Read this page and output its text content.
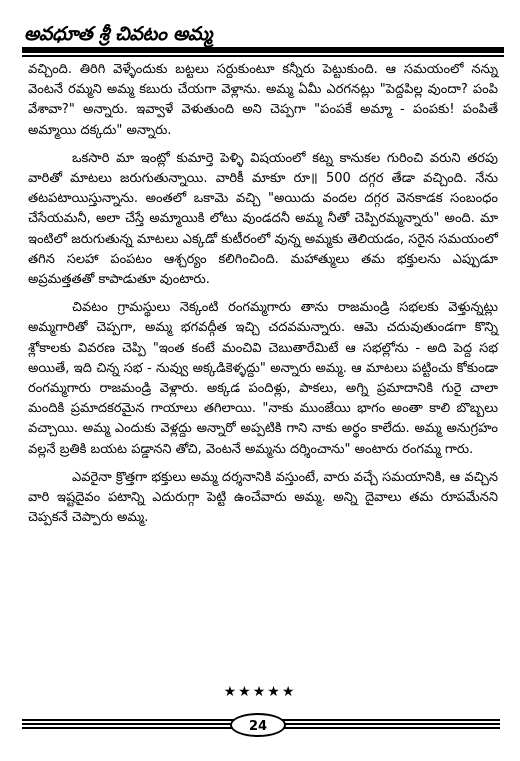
అవధూత శ్రీ చివటం అమ్మ

వచ్చింది. తిరిగి వెళ్ళేందుకు బట్టలు సర్దుకుంటూ కన్నీరు పెట్టుకుంది. ఆ సమయంలో నన్ను వెంటనే రమ్మని అమ్మ కబురు చేయగా వెళ్లాను. అమ్మ ఏమీ ఎరగనట్లు "పెద్దపిల్ల వుందా? పంపి వేశావా?" అన్నారు. ఇవ్వాళే వెళుతుంది అని చెప్పగా "పంపకే అమ్మా - పంపకు! పంపితే అమ్మాయి దక్కదు" అన్నారు.

ఒకసారి మా ఇంట్లో కుమార్తె పెళ్ళి విషయంలో కట్న కానుకల గురించి వరుని తరపు వారితో మాటలు జరుగుతున్నాయి. వారికీ మాకూ రూ॥ 500 దగ్గర తేడా వచ్చింది. నేను తటపటాయిస్తున్నాను. అంతలో ఒకామె వచ్చి "అయిదు వందల దగ్గర వెనకాడక సంబంధం చేసేయమనీ, అలా చేస్తే అమ్మాయికి లోటు వుండదనీ అమ్మ నీతో చెప్పిరమ్మన్నారు" అంది. మా ఇంటిలో జరుగుతున్న మాటలు ఎక్కడో కుటీరంలో వున్న అమ్మకు తెలియడం, సరైన సమయంలో తగిన సలహా పంపటం ఆశ్చర్యం కలిగించింది. మహాత్ములు తమ భక్తులను ఎప్పుడూ అప్రమత్తతతో కాపాడుతూ వుంటారు.

చివటం గ్రామస్థులు నెక్కంటి రంగమ్మగారు తాను రాజమండ్రి సభలకు వెళ్తున్నట్లు అమ్మగారితో చెప్పగా, అమ్మ భగవద్గీత ఇచ్చి చదవమన్నారు. ఆమె చదువుతుండగా కొన్ని శ్లోకాలకు వివరణ చెప్పి "ఇంత కంటే మంచివి చెబుతారేమిటే ఆ సభల్లోను - అది పెద్ద సభ అయితే, ఇది చిన్న సభ - నువ్వు అక్కడికెళ్ళద్దు" అన్నారు అమ్మ. ఆ మాటలు పట్టించు కోకుండా రంగమ్మగారు రాజమండ్రి వెళ్లారు. అక్కడ పందిళ్లు, పాకలు, అగ్ని ప్రమాదానికి గురై చాలా మందికి ప్రమాదకరమైన గాయాలు తగిలాయి. "నాకు ముంజేయి భాగం అంతా కాలి బొబ్బలు వచ్చాయి. అమ్మ ఎందుకు వెళ్లద్దు అన్నారో అప్పటికి గాని నాకు అర్థం కాలేదు. అమ్మ అనుగ్రహం వల్లనే బ్రతికి బయట పడ్డానని తోచి, వెంటనే అమ్మను దర్శించాను" అంటారు రంగమ్మ గారు.

ఎవరైనా క్రొత్తగా భక్తులు అమ్మ దర్శనానికి వస్తుంటే, వారు వచ్చే సమయానికి, ఆ వచ్చిన వారి ఇష్టదైవం పటాన్ని ఎదురుగ్గా పెట్టి ఉంచేవారు అమ్మ. అన్ని దైవాలు తమ రూపమేనని చెప్పకనే చెప్పారు అమ్మ.

★★★★★
24
